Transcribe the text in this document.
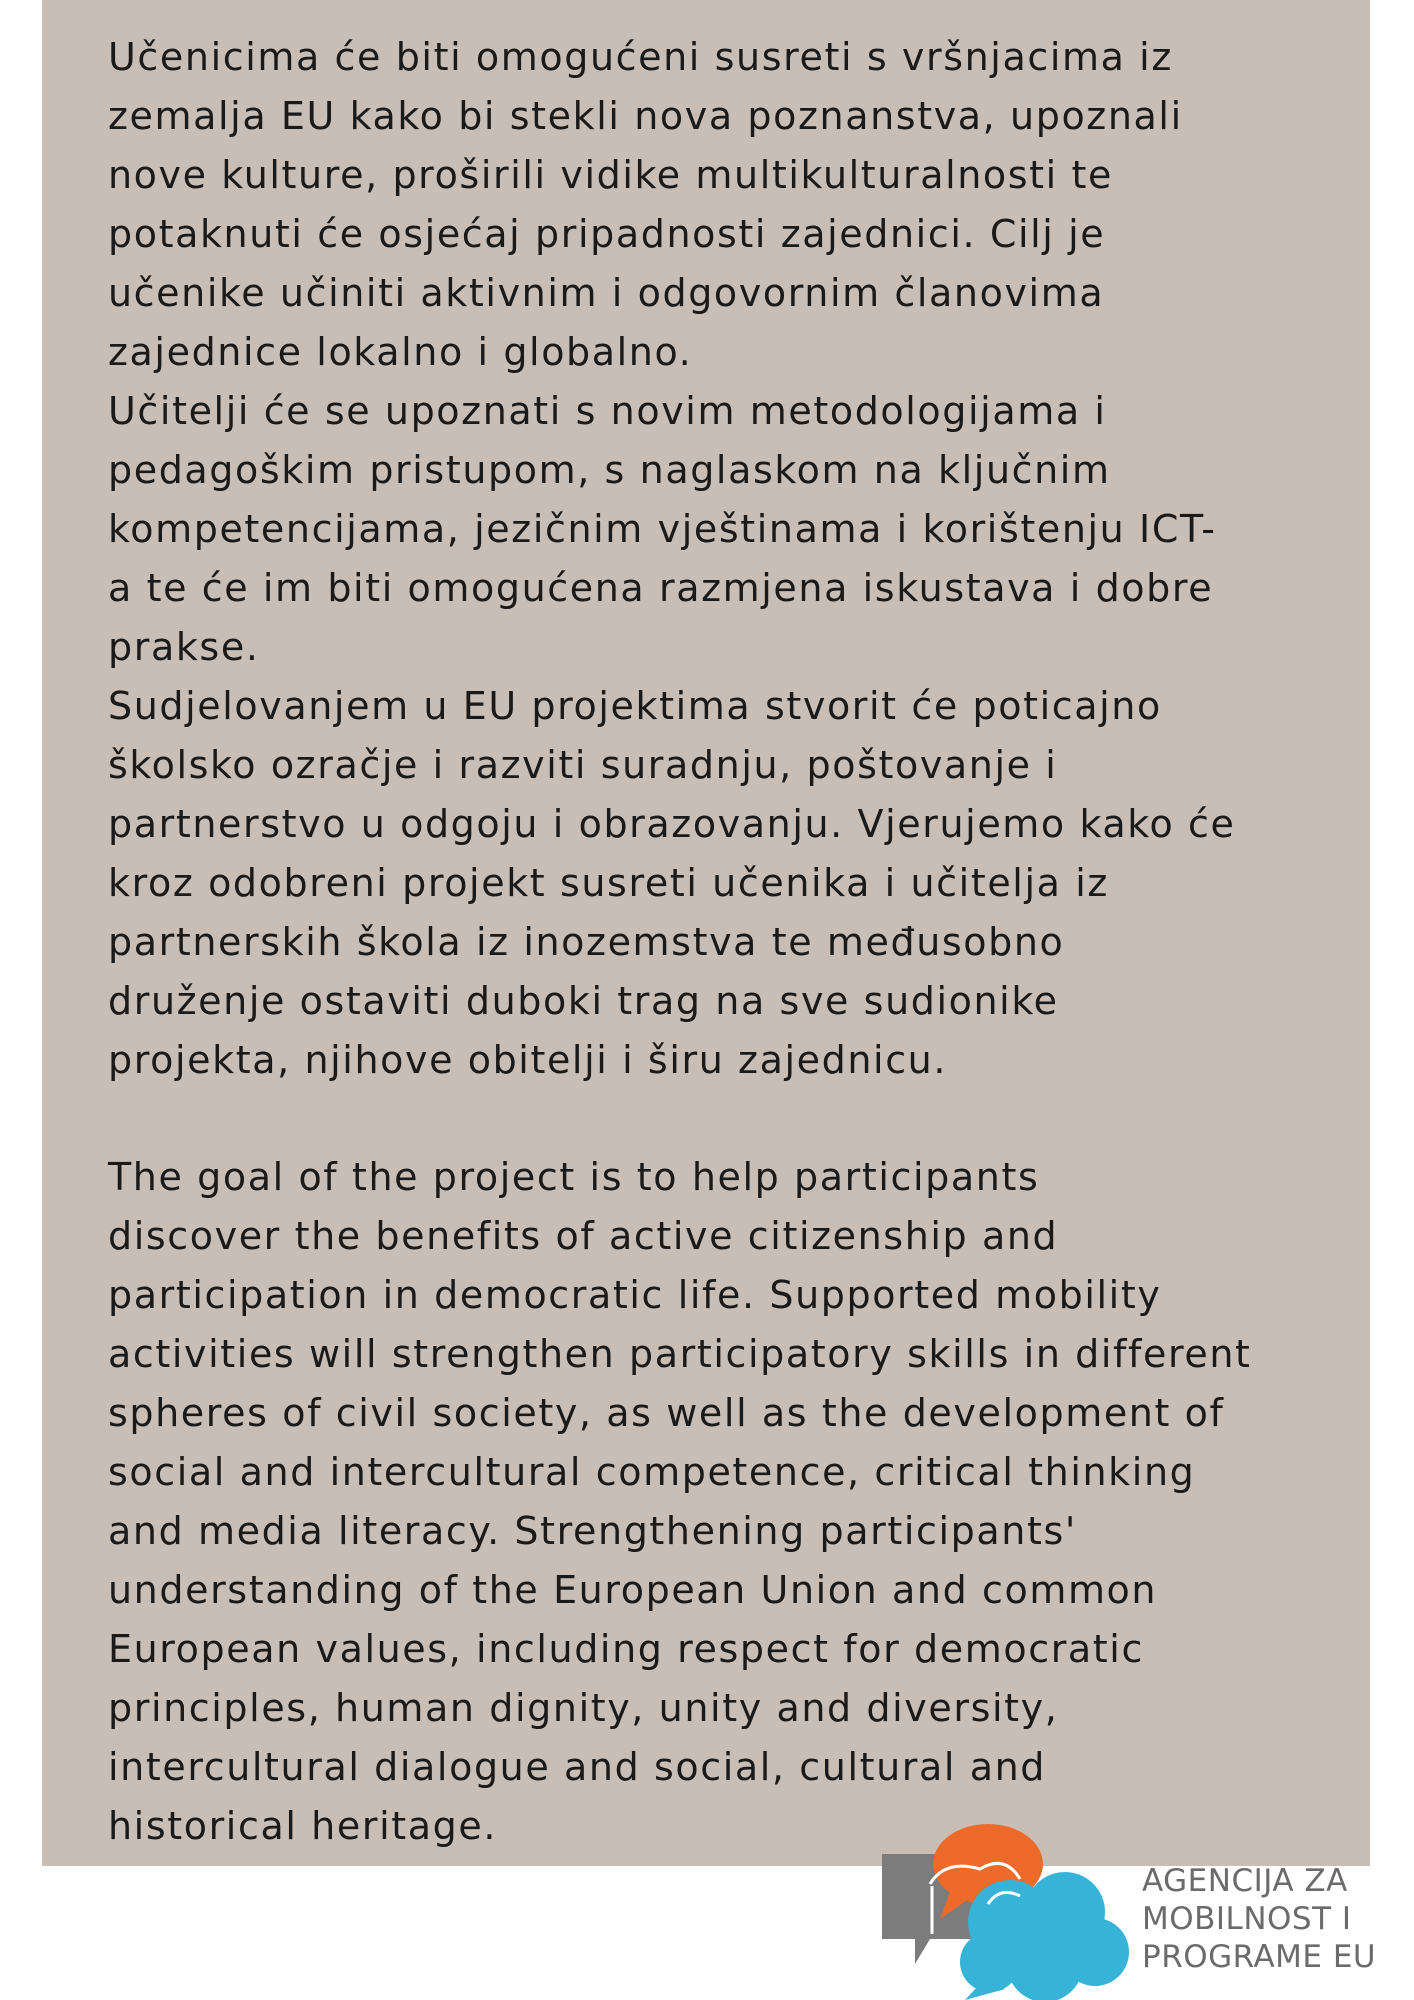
Učenicima će biti omogućeni susreti s vršnjacima iz
zemalja EU kako bi stekli nova poznanstva, upoznali
nove kulture, proširili vidike multikulturalnosti te
potaknuti će osjećaj pripadnosti zajednici. Cilj je
učenike učiniti aktivnim i odgovornim članovima
zajednice lokalno i globalno.
Učitelji će se upoznati s novim metodologijama i
pedagoškim pristupom, s naglaskom na ključnim
kompetencijama, jezičnim vještinama i korištenju ICT-
a te će im biti omogućena razmjena iskustava i dobre
prakse.
Sudjelovanjem u EU projektima stvorit će poticajno
školsko ozračje i razviti suradnju, poštovanje i
partnerstvo u odgoju i obrazovanju. Vjerujemo kako će
kroz odobreni projekt susreti učenika i učitelja iz
partnerskih škola iz inozemstva te međusobno
druženje ostaviti duboki trag na sve sudionike
projekta, njihove obitelji i širu zajednicu.

The goal of the project is to help participants
discover the benefits of active citizenship and
participation in democratic life. Supported mobility
activities will strengthen participatory skills in different
spheres of civil society, as well as the development of
social and intercultural competence, critical thinking
and media literacy. Strengthening participants'
understanding of the European Union and common
European values, including respect for democratic
principles, human dignity, unity and diversity,
intercultural dialogue and social, cultural and
historical heritage.

AGENCIJA ZA
MOBILNOST I
PROGRAME EU
